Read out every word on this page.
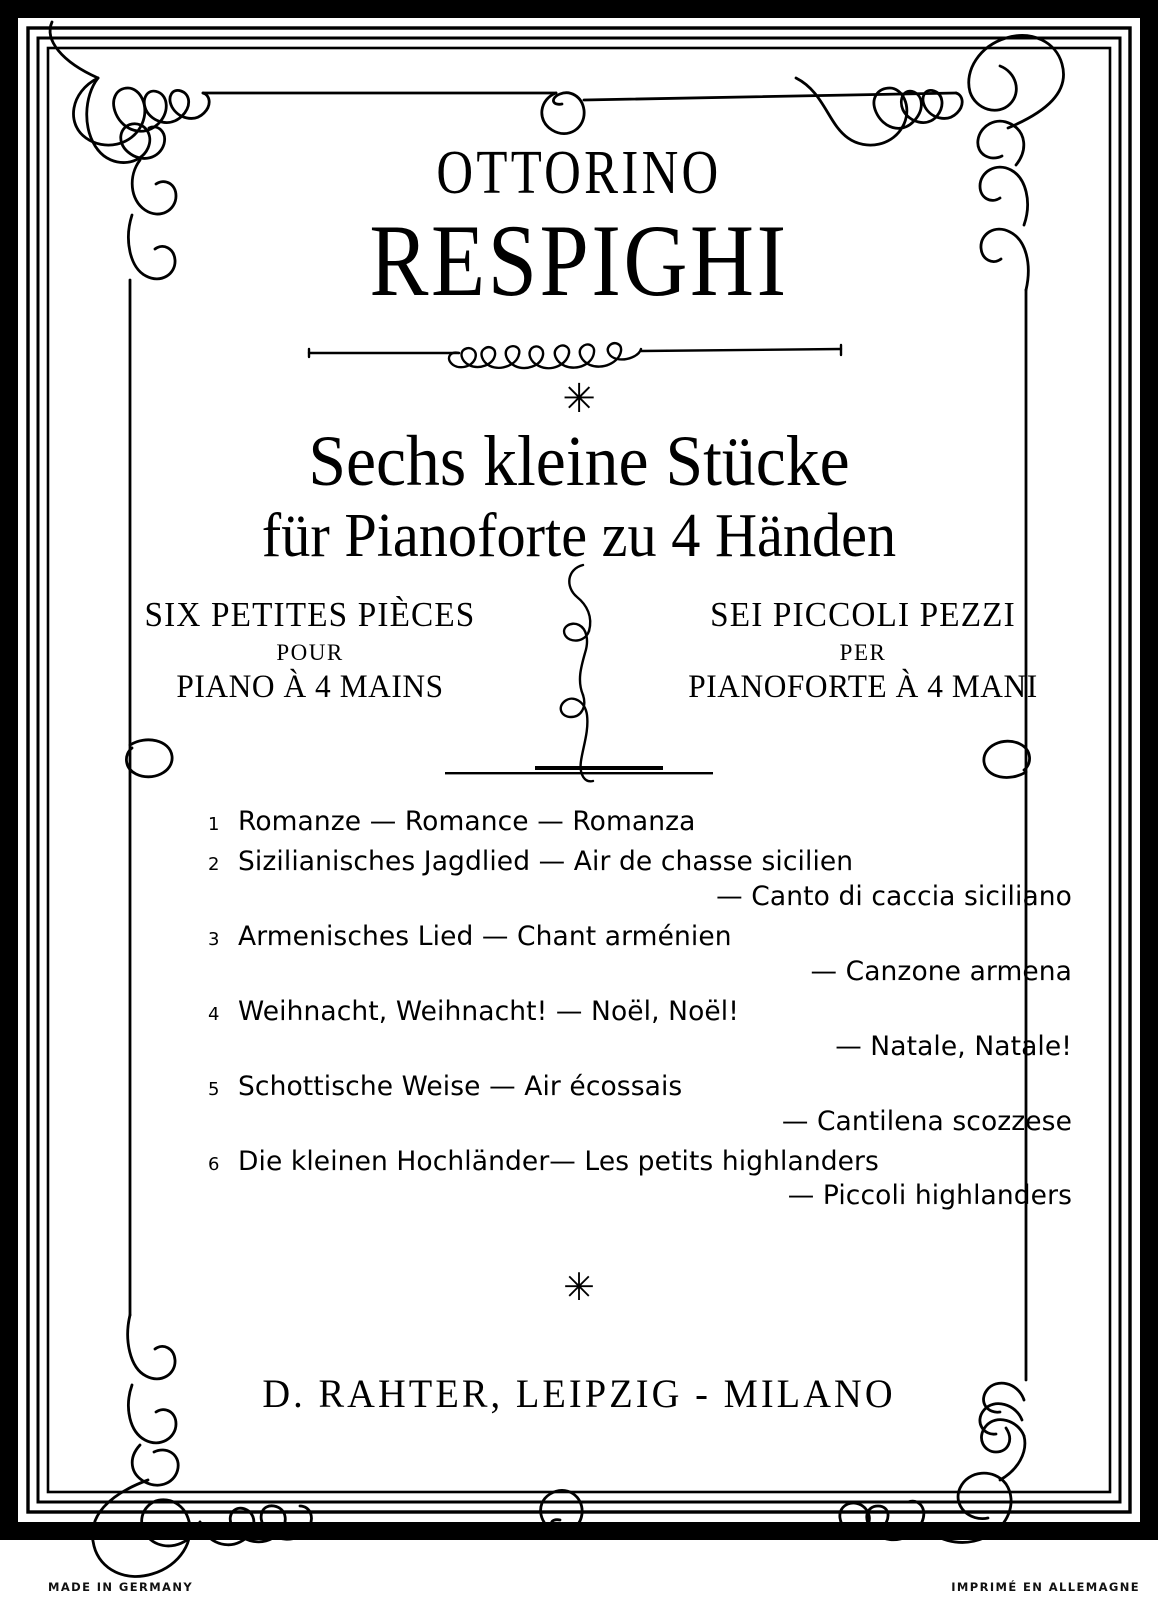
OTTORINO
RESPIGHI
✳
Sechs kleine Stücke
für Pianoforte zu 4 Händen
SIX PETITES PIÈCES
POUR
PIANO À 4 MAINS
SEI PICCOLI PEZZI
PER
PIANOFORTE À 4 MANI
1 Romanze — Romance — Romanza
2 Sizilianisches Jagdlied — Air de chasse sicilien
— Canto di caccia siciliano
3 Armenisches Lied — Chant arménien
— Canzone armena
4 Weihnacht, Weihnacht! — Noël, Noël!
— Natale, Natale!
5 Schottische Weise — Air écossais
— Cantilena scozzese
6 Die kleinen Hochländer— Les petits highlanders
— Piccoli highlanders
✳
D. RAHTER, LEIPZIG - MILANO
MADE IN GERMANY	IMPRIMÉ EN ALLEMAGNE
